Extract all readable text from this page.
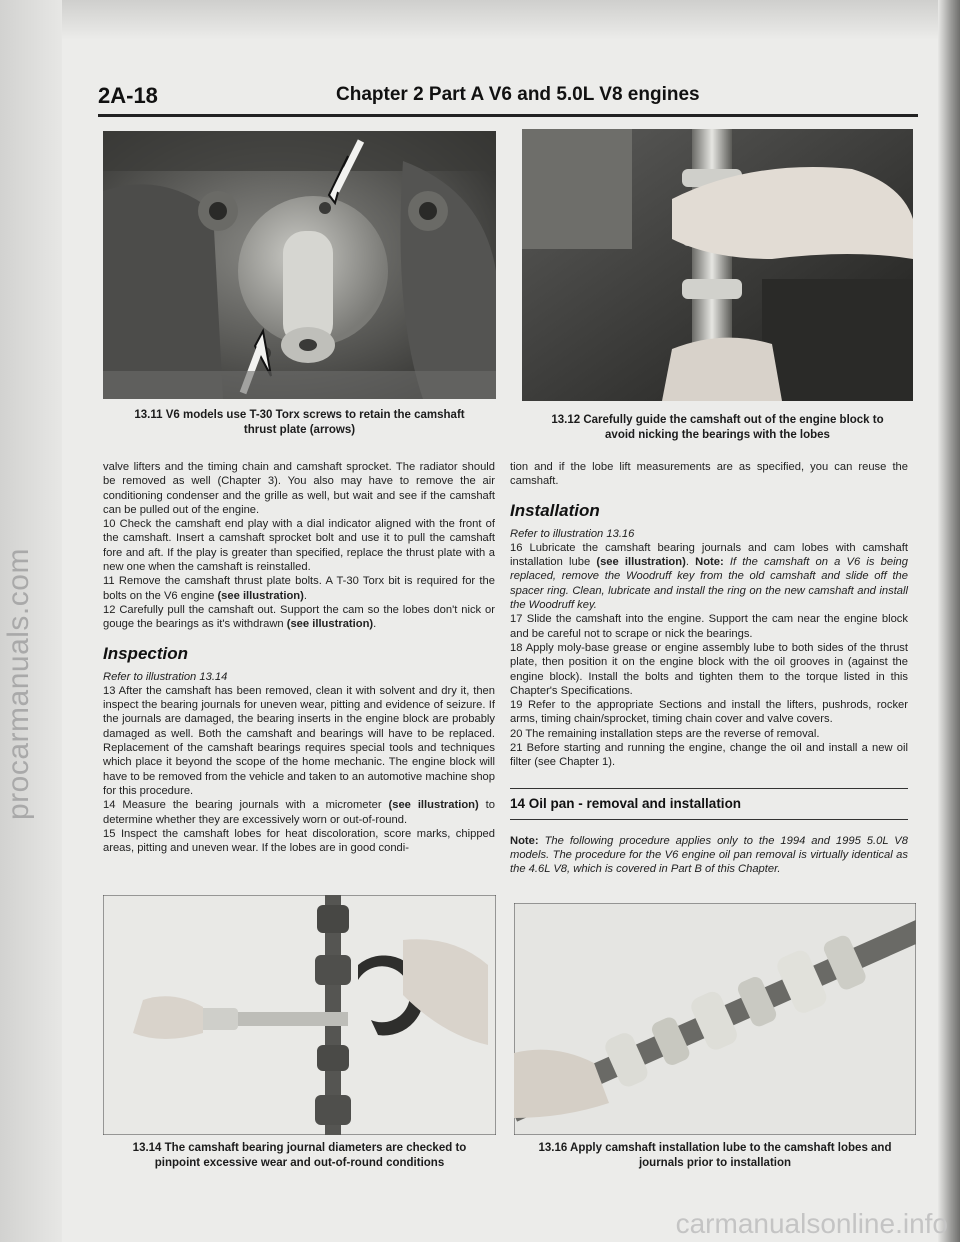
2A-18	Chapter 2 Part A V6 and 5.0L V8 engines
13.11 V6 models use T-30 Torx screws to retain the camshaft
thrust plate (arrows)
13.12 Carefully guide the camshaft out of the engine block to
avoid nicking the bearings with the lobes

valve lifters and the timing chain and camshaft sprocket. The radiator should be removed as well (Chapter 3). You also may have to remove the air conditioning condenser and the grille as well, but wait and see if the camshaft can be pulled out of the engine.

10 Check the camshaft end play with a dial indicator aligned with the front of the camshaft. Insert a camshaft sprocket bolt and use it to pull the camshaft fore and aft. If the play is greater than specified, replace the thrust plate with a new one when the camshaft is reinstalled.

11 Remove the camshaft thrust plate bolts. A T-30 Torx bit is required for the bolts on the V6 engine (see illustration).

12 Carefully pull the camshaft out. Support the cam so the lobes don't nick or gouge the bearings as it's withdrawn (see illustration).

Inspection

Refer to illustration 13.14

13 After the camshaft has been removed, clean it with solvent and dry it, then inspect the bearing journals for uneven wear, pitting and evidence of seizure. If the journals are damaged, the bearing inserts in the engine block are probably damaged as well. Both the camshaft and bearings will have to be replaced. Replacement of the camshaft bearings requires special tools and techniques which place it beyond the scope of the home mechanic. The engine block will have to be removed from the vehicle and taken to an automotive machine shop for this procedure.

14 Measure the bearing journals with a micrometer (see illustration) to determine whether they are excessively worn or out-of-round.

15 Inspect the camshaft lobes for heat discoloration, score marks, chipped areas, pitting and uneven wear. If the lobes are in good condi-

tion and if the lobe lift measurements are as specified, you can reuse the camshaft.

Installation

Refer to illustration 13.16

16 Lubricate the camshaft bearing journals and cam lobes with camshaft installation lube (see illustration). Note: If the camshaft on a V6 is being replaced, remove the Woodruff key from the old camshaft and slide off the spacer ring. Clean, lubricate and install the ring on the new camshaft and install the Woodruff key.

17 Slide the camshaft into the engine. Support the cam near the engine block and be careful not to scrape or nick the bearings.

18 Apply moly-base grease or engine assembly lube to both sides of the thrust plate, then position it on the engine block with the oil grooves in (against the engine block). Install the bolts and tighten them to the torque listed in this Chapter's Specifications.

19 Refer to the appropriate Sections and install the lifters, pushrods, rocker arms, timing chain/sprocket, timing chain cover and valve covers.

20 The remaining installation steps are the reverse of removal.

21 Before starting and running the engine, change the oil and install a new oil filter (see Chapter 1).

14 Oil pan - removal and installation

Note: The following procedure applies only to the 1994 and 1995 5.0L V8 models. The procedure for the V6 engine oil pan removal is virtually identical as the 4.6L V8, which is covered in Part B of this Chapter.

13.14 The camshaft bearing journal diameters are checked to
pinpoint excessive wear and out-of-round conditions
13.16 Apply camshaft installation lube to the camshaft lobes and
journals prior to installation
carmanualsonline.info
